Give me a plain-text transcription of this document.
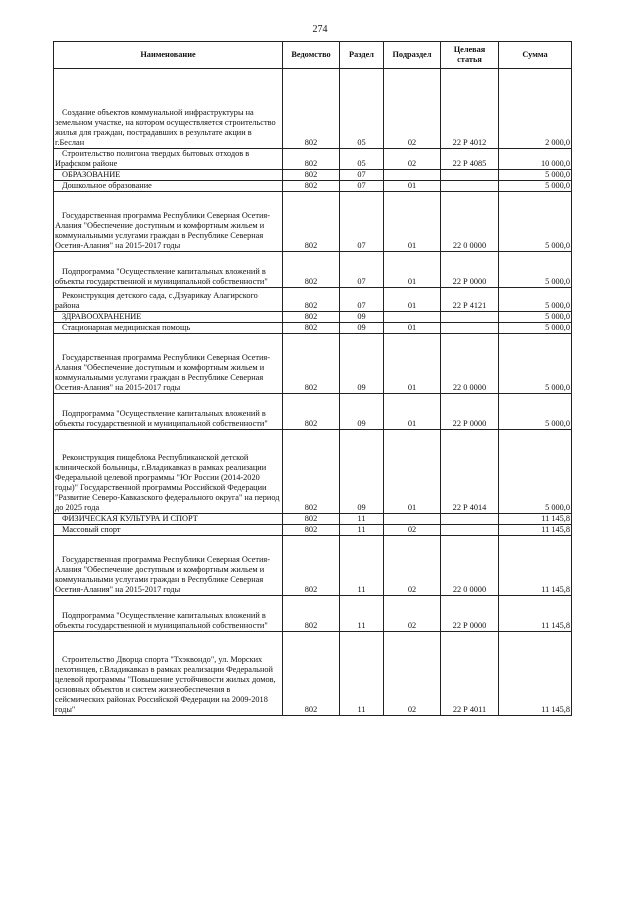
274
Наименование	Ведомство	Раздел	Подраздел	Целевая статья	Сумма

Создание объектов коммунальной инфраструктуры на земельном участке, на котором осуществляется строительство жилья для граждан, пострадавших в результате акции в г.Беслан	802	05	02	22 Р 4012	2 000,0

Строительство полигона твердых бытовых отходов в Ирафском районе	802	05	02	22 Р 4085	10 000,0

ОБРАЗОВАНИЕ	802	07			5 000,0

Дошкольное образование	802	07	01		5 000,0

Государственная программа Республики Северная Осетия-Алания "Обеспечение доступным и комфортным жильем и коммунальными услугами граждан в Республике Северная Осетия-Алания" на 2015-2017 годы	802	07	01	22 0 0000	5 000,0

Подпрограмма "Осуществление капитальных вложений в объекты государственной и муниципальной собственности"	802	07	01	22 Р 0000	5 000,0

Реконструкция детского сада, с.Дзуарикау Алагирского района	802	07	01	22 Р 4121	5 000,0

ЗДРАВООХРАНЕНИЕ	802	09			5 000,0

Стационарная медицинская помощь	802	09	01		5 000,0

Государственная программа Республики Северная Осетия-Алания "Обеспечение доступным и комфортным жильем и коммунальными услугами граждан в Республике Северная Осетия-Алания" на 2015-2017 годы	802	09	01	22 0 0000	5 000,0

Подпрограмма "Осуществление капитальных вложений в объекты государственной и муниципальной собственности"	802	09	01	22 Р 0000	5 000,0

Реконструкция пищеблока Республиканской детской клинической больницы, г.Владикавказ в рамках реализации Федеральной целевой программы "Юг России (2014-2020 годы)" Государственной программы Российской Федерации "Развитие Северо-Кавказского федерального округа" на период до 2025 года	802	09	01	22 Р 4014	5 000,0

ФИЗИЧЕСКАЯ КУЛЬТУРА И СПОРТ	802	11			11 145,8

Массовый спорт	802	11	02		11 145,8

Государственная программа Республики Северная Осетия-Алания "Обеспечение доступным и комфортным жильем и коммунальными услугами граждан в Республике Северная Осетия-Алания" на 2015-2017 годы	802	11	02	22 0 0000	11 145,8

Подпрограмма "Осуществление капитальных вложений в объекты государственной и муниципальной собственности"	802	11	02	22 Р 0000	11 145,8

Строительство Дворца спорта "Тхэквондо", ул. Морских пехотинцев, г.Владикавказ в рамках реализации Федеральной целевой программы "Повышение устойчивости жилых домов, основных объектов и систем жизнеобеспечения в сейсмических районах Российской Федерации на 2009-2018 годы"	802	11	02	22 Р 4011	11 145,8
